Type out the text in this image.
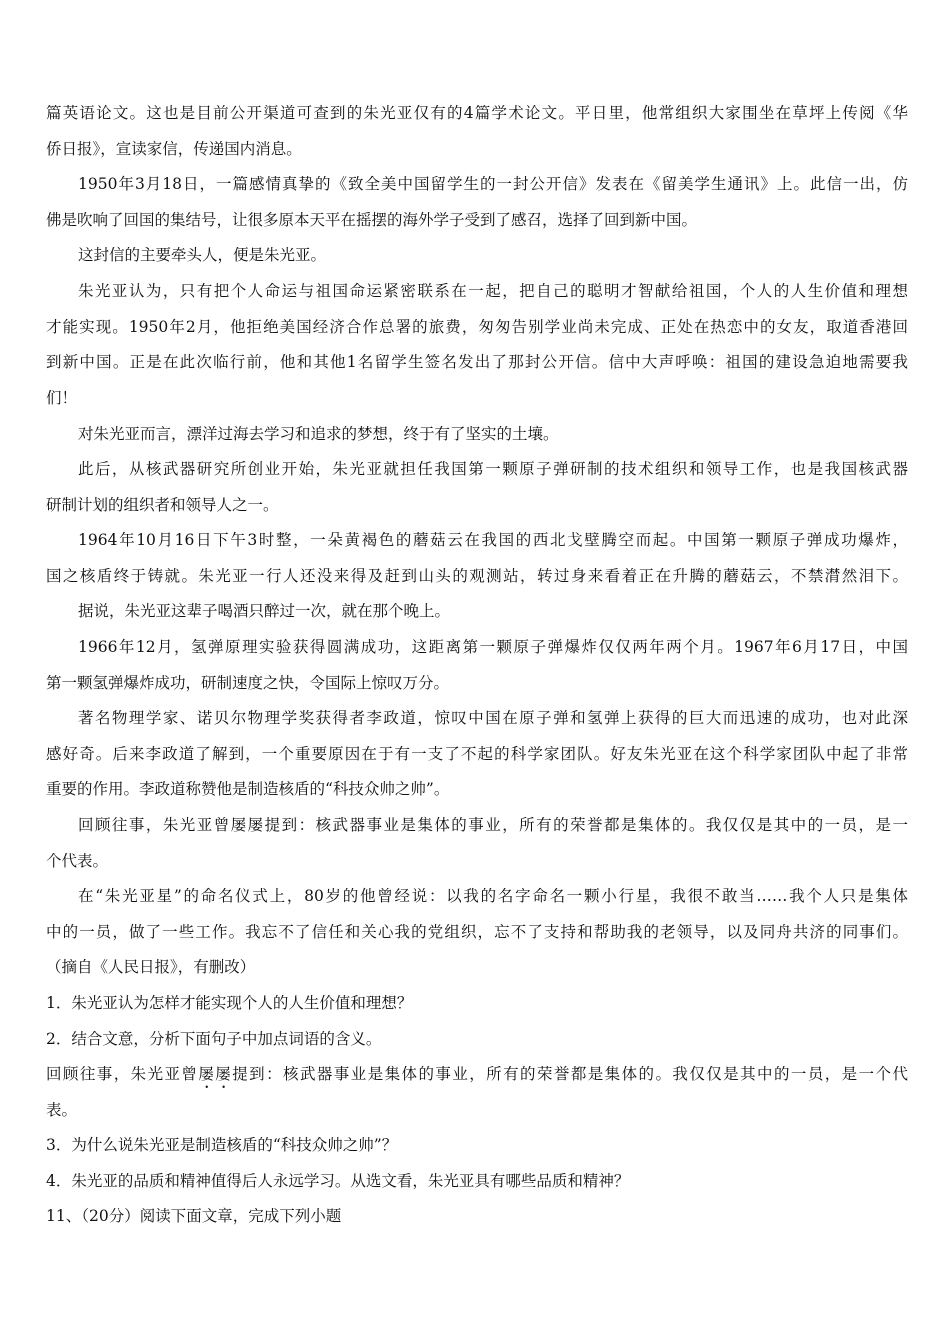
篇英语论文。这也是目前公开渠道可查到的朱光亚仅有的4篇学术论文。平日里，他常组织大家围坐在草坪上传阅《华
侨日报》，宣读家信，传递国内消息。
1950年3月18日，一篇感情真挚的《致全美中国留学生的一封公开信》发表在《留美学生通讯》上。此信一出，仿
佛是吹响了回国的集结号，让很多原本天平在摇摆的海外学子受到了感召，选择了回到新中国。
这封信的主要牵头人，便是朱光亚。
朱光亚认为，只有把个人命运与祖国命运紧密联系在一起，把自己的聪明才智献给祖国，个人的人生价值和理想
才能实现。1950年2月，他拒绝美国经济合作总署的旅费，匆匆告别学业尚未完成、正处在热恋中的女友，取道香港回
到新中国。正是在此次临行前，他和其他1名留学生签名发出了那封公开信。信中大声呼唤：祖国的建设急迫地需要我
们！
对朱光亚而言，漂洋过海去学习和追求的梦想，终于有了坚实的土壤。
此后，从核武器研究所创业开始，朱光亚就担任我国第一颗原子弹研制的技术组织和领导工作，也是我国核武器
研制计划的组织者和领导人之一。
1964年10月16日下午3时整，一朵黄褐色的蘑菇云在我国的西北戈壁腾空而起。中国第一颗原子弹成功爆炸，
国之核盾终于铸就。朱光亚一行人还没来得及赶到山头的观测站，转过身来看着正在升腾的蘑菇云，不禁潸然泪下。
据说，朱光亚这辈子喝酒只醉过一次，就在那个晚上。
1966年12月，氢弹原理实验获得圆满成功，这距离第一颗原子弹爆炸仅仅两年两个月。1967年6月17日，中国
第一颗氢弹爆炸成功，研制速度之快，令国际上惊叹万分。
著名物理学家、诺贝尔物理学奖获得者李政道，惊叹中国在原子弹和氢弹上获得的巨大而迅速的成功，也对此深
感好奇。后来李政道了解到，一个重要原因在于有一支了不起的科学家团队。好友朱光亚在这个科学家团队中起了非常
重要的作用。李政道称赞他是制造核盾的“科技众帅之帅”。
回顾往事，朱光亚曾屡屡提到：核武器事业是集体的事业，所有的荣誉都是集体的。我仅仅是其中的一员，是一
个代表。
在“朱光亚星”的命名仪式上，80岁的他曾经说：以我的名字命名一颗小行星，我很不敢当……我个人只是集体
中的一员，做了一些工作。我忘不了信任和关心我的党组织，忘不了支持和帮助我的老领导，以及同舟共济的同事们。
（摘自《人民日报》，有删改）
1．朱光亚认为怎样才能实现个人的人生价值和理想？
2．结合文意，分析下面句子中加点词语的含义。
回顾往事，朱光亚曾屡屡提到：核武器事业是集体的事业，所有的荣誉都是集体的。我仅仅是其中的一员，是一个代
表。
3．为什么说朱光亚是制造核盾的“科技众帅之帅”？
4．朱光亚的品质和精神值得后人永远学习。从选文看，朱光亚具有哪些品质和精神？
11、（20分）阅读下面文章，完成下列小题
